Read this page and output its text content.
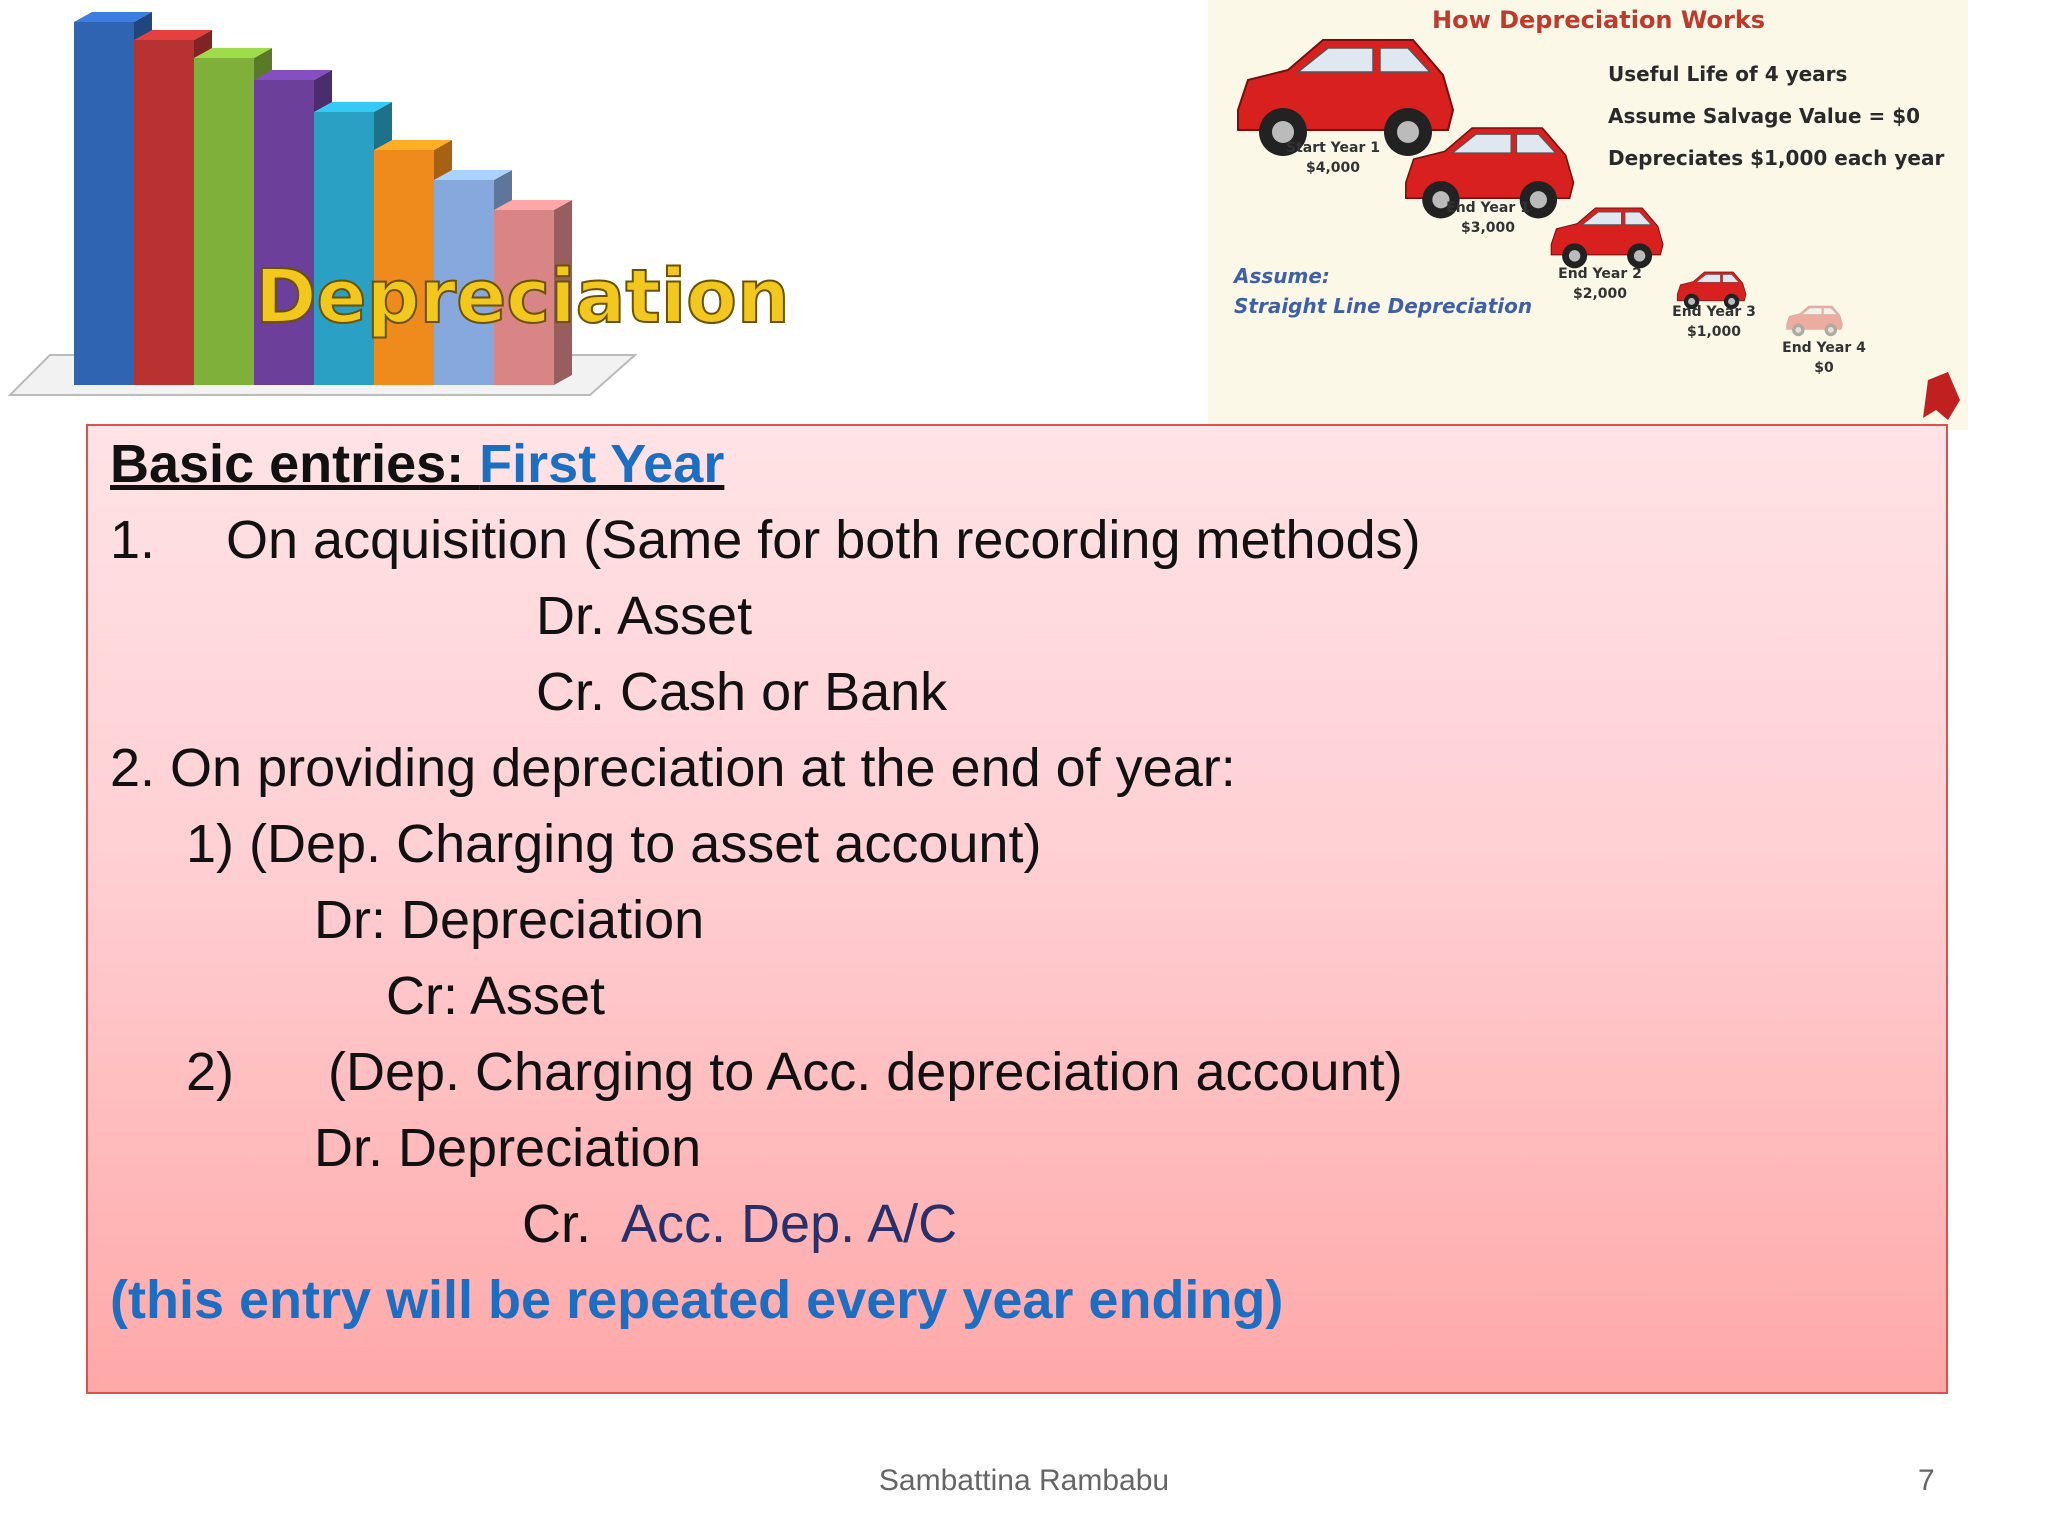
Depreciation
How Depreciation Works
Useful Life of 4 years
Assume Salvage Value = $0
Depreciates $1,000 each year
Start Year 1
$4,000
End Year 1
$3,000
End Year 2
$2,000
End Year 3
$1,000
End Year 4
$0
Assume:
Straight Line Depreciation
Basic entries: First Year
1. On acquisition (Same for both recording methods)
Dr. Asset
Cr. Cash or Bank
2. On providing depreciation at the end of year:
1) (Dep. Charging to asset account)
Dr: Depreciation
Cr: Asset
2) (Dep. Charging to Acc. depreciation account)
Dr. Depreciation
Cr. Acc. Dep. A/C
(this entry will be repeated every year ending)
Sambattina Rambabu	7
